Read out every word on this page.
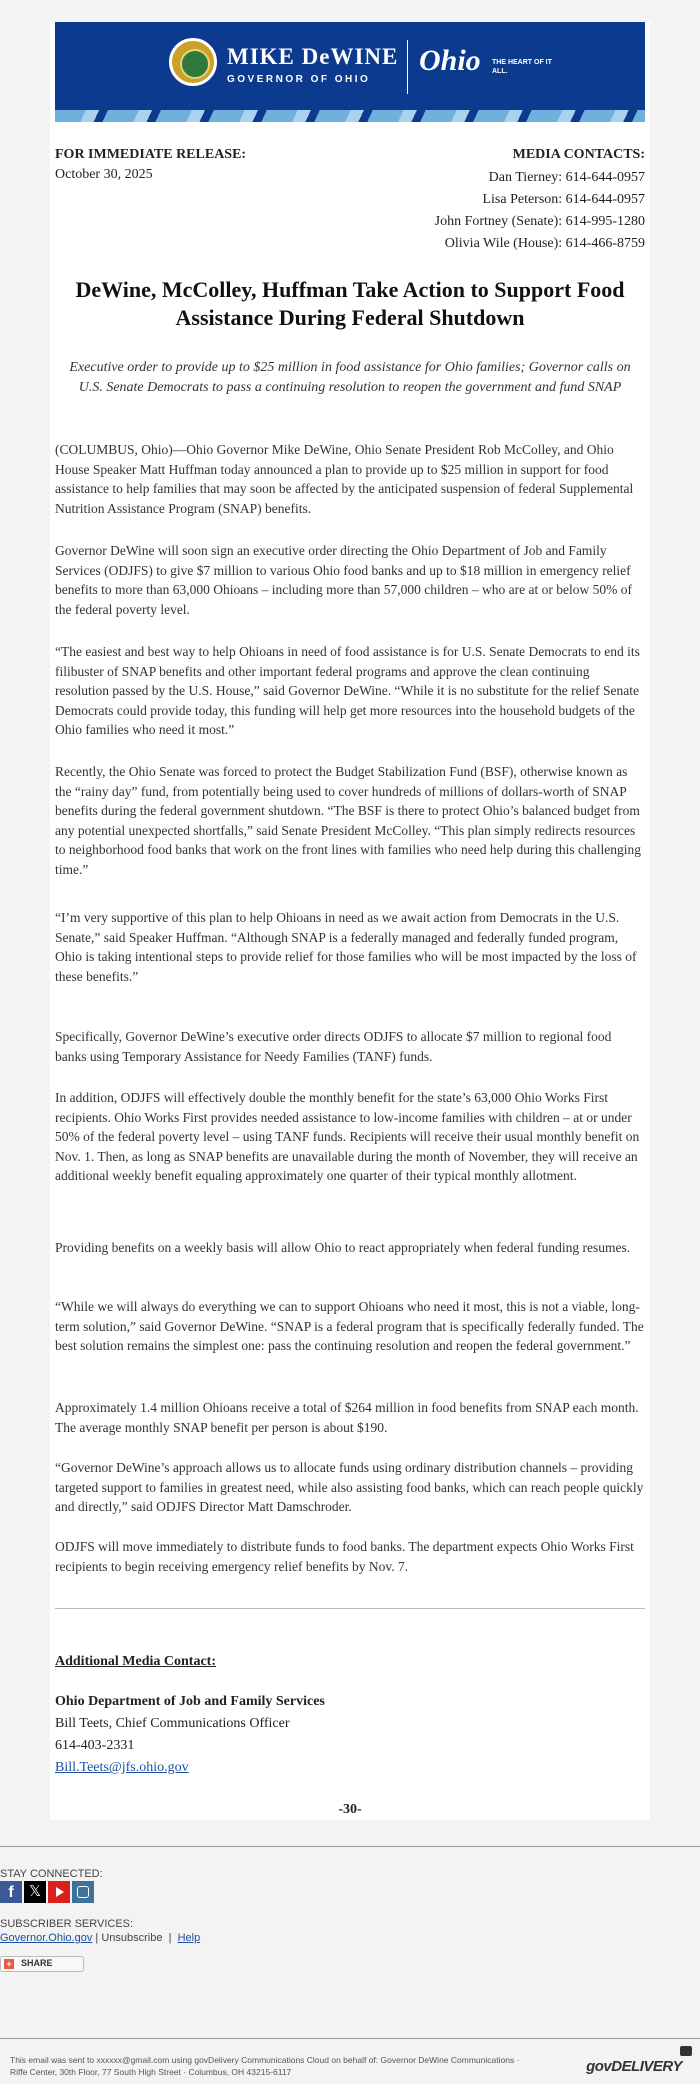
MIKE DeWINE
GOVERNOR OF OHIO
Ohio THE HEART OF IT ALL.
FOR IMMEDIATE RELEASE:
October 30, 2025
MEDIA CONTACTS:
Dan Tierney: 614-644-0957
Lisa Peterson: 614-644-0957
John Fortney (Senate): 614-995-1280
Olivia Wile (House): 614-466-8759
DeWine, McColley, Huffman Take Action to Support Food Assistance During Federal Shutdown
Executive order to provide up to $25 million in food assistance for Ohio families; Governor calls on U.S. Senate Democrats to pass a continuing resolution to reopen the government and fund SNAP
(COLUMBUS, Ohio)—Ohio Governor Mike DeWine, Ohio Senate President Rob McColley, and Ohio House Speaker Matt Huffman today announced a plan to provide up to $25 million in support for food assistance to help families that may soon be affected by the anticipated suspension of federal Supplemental Nutrition Assistance Program (SNAP) benefits.
Governor DeWine will soon sign an executive order directing the Ohio Department of Job and Family Services (ODJFS) to give $7 million to various Ohio food banks and up to $18 million in emergency relief benefits to more than 63,000 Ohioans – including more than 57,000 children – who are at or below 50% of the federal poverty level.
“The easiest and best way to help Ohioans in need of food assistance is for U.S. Senate Democrats to end its filibuster of SNAP benefits and other important federal programs and approve the clean continuing resolution passed by the U.S. House,” said Governor DeWine. “While it is no substitute for the relief Senate Democrats could provide today, this funding will help get more resources into the household budgets of the Ohio families who need it most.”
Recently, the Ohio Senate was forced to protect the Budget Stabilization Fund (BSF), otherwise known as the “rainy day” fund, from potentially being used to cover hundreds of millions of dollars-worth of SNAP benefits during the federal government shutdown. “The BSF is there to protect Ohio’s balanced budget from any potential unexpected shortfalls,” said Senate President McColley. “This plan simply redirects resources to neighborhood food banks that work on the front lines with families who need help during this challenging time.”
“I’m very supportive of this plan to help Ohioans in need as we await action from Democrats in the U.S. Senate,” said Speaker Huffman. “Although SNAP is a federally managed and federally funded program, Ohio is taking intentional steps to provide relief for those families who will be most impacted by the loss of these benefits.”
Specifically, Governor DeWine’s executive order directs ODJFS to allocate $7 million to regional food banks using Temporary Assistance for Needy Families (TANF) funds.
In addition, ODJFS will effectively double the monthly benefit for the state’s 63,000 Ohio Works First recipients. Ohio Works First provides needed assistance to low-income families with children – at or under 50% of the federal poverty level – using TANF funds. Recipients will receive their usual monthly benefit on Nov. 1. Then, as long as SNAP benefits are unavailable during the month of November, they will receive an additional weekly benefit equaling approximately one quarter of their typical monthly allotment.
Providing benefits on a weekly basis will allow Ohio to react appropriately when federal funding resumes.
“While we will always do everything we can to support Ohioans who need it most, this is not a viable, long-term solution,” said Governor DeWine. “SNAP is a federal program that is specifically federally funded. The best solution remains the simplest one: pass the continuing resolution and reopen the federal government.”
Approximately 1.4 million Ohioans receive a total of $264 million in food benefits from SNAP each month. The average monthly SNAP benefit per person is about $190.
“Governor DeWine’s approach allows us to allocate funds using ordinary distribution channels – providing targeted support to families in greatest need, while also assisting food banks, which can reach people quickly and directly,” said ODJFS Director Matt Damschroder.
ODJFS will move immediately to distribute funds to food banks. The department expects Ohio Works First recipients to begin receiving emergency relief benefits by Nov. 7.
Additional Media Contact:
Ohio Department of Job and Family Services
Bill Teets, Chief Communications Officer
614-403-2331
Bill.Teets@jfs.ohio.gov
-30-
STAY CONNECTED:
f	𝕏
SUBSCRIBER SERVICES:
Governor.Ohio.gov | Unsubscribe  |  Help
+ SHARE
This email was sent to xxxxxx@gmail.com using govDelivery Communications Cloud on behalf of: Governor DeWine Communications · Riffe Center, 30th Floor, 77 South High Street · Columbus, OH 43215-6117	govDELIVERY
